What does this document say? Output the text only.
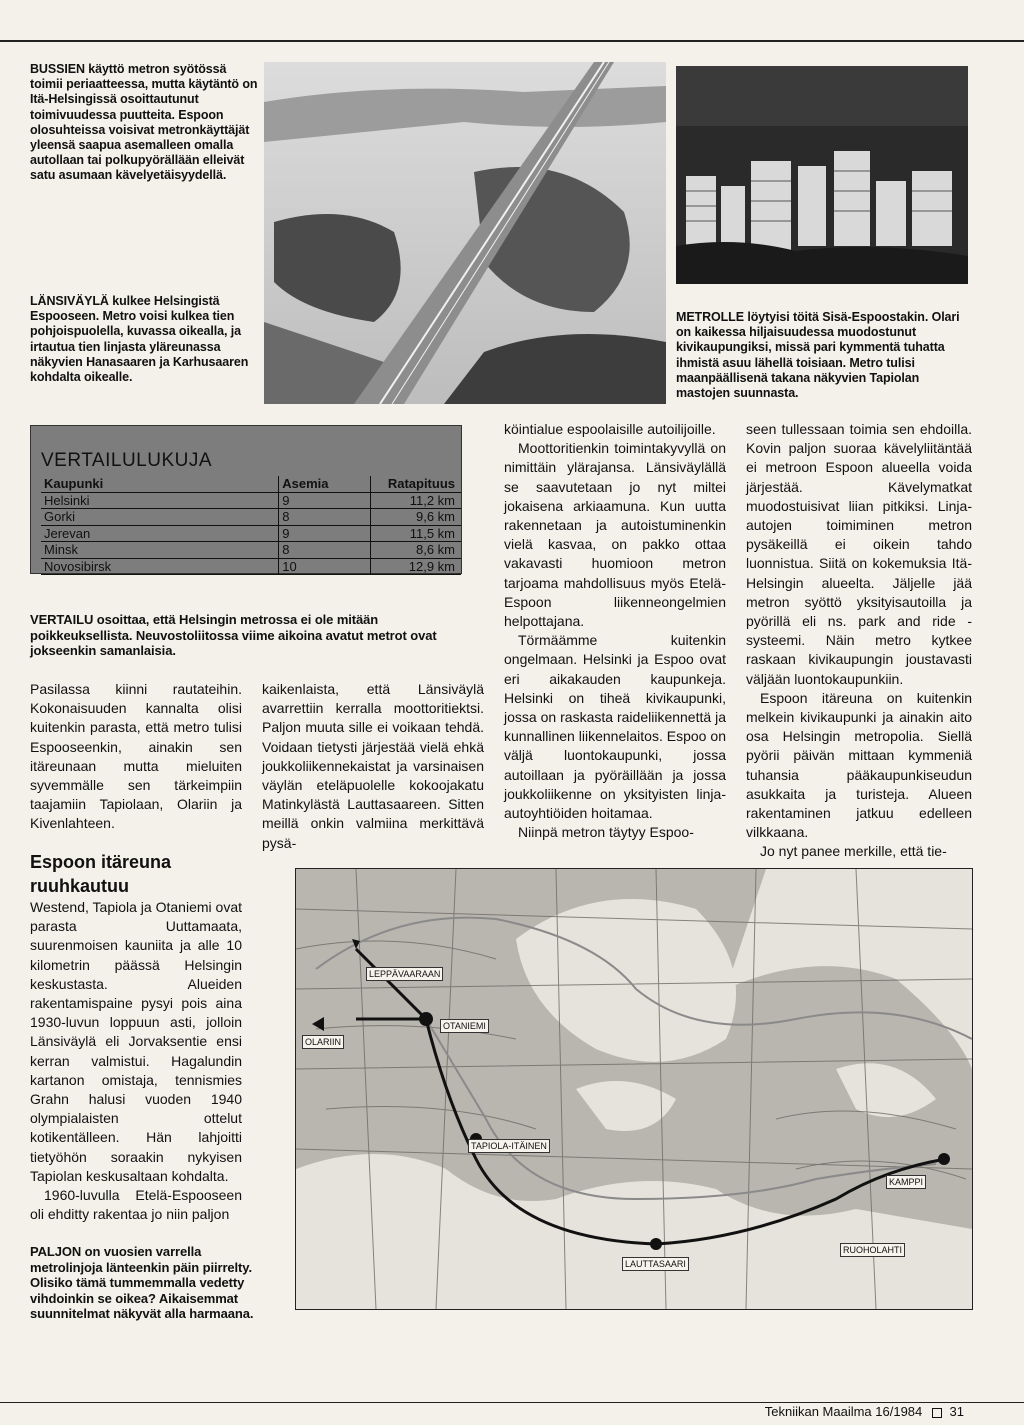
BUSSIEN käyttö metron syötössä toimii periaatteessa, mutta käytäntö on Itä-Helsingissä osoittautunut toimivuudessa puutteita. Espoon olosuhteissa voisivat metronkäyttäjät yleensä saapua asemalleen omalla autollaan tai polkupyörällään elleivät satu asumaan kävelyetäisyydellä.
LÄNSIVÄYLÄ kulkee Helsingistä Espooseen. Metro voisi kulkea tien pohjoispuolella, kuvassa oikealla, ja irtautua tien linjasta yläreunassa näkyvien Hanasaaren ja Karhusaaren kohdalta oikealle.
METROLLE löytyisi töitä Sisä-Espoostakin. Olari on kaikessa hiljaisuudessa muodostunut kivikaupungiksi, missä pari kymmentä tuhatta ihmistä asuu lähellä toisiaan. Metro tulisi maanpäällisenä takana näkyvien Tapiolan mastojen suunnasta.
VERTAILULUKUJA
Kaupunki	Asemia	Ratapituus
Helsinki	9	11,2 km
Gorki	8	9,6 km
Jerevan	9	11,5 km
Minsk	8	8,6 km
Novosibirsk	10	12,9 km
VERTAILU osoittaa, että Helsingin metrossa ei ole mitään poikkeuksellista. Neuvostoliitossa viime aikoina avatut metrot ovat jokseenkin samanlaisia.

Pasilassa kiinni rautateihin. Kokonaisuuden kannalta olisi kuitenkin parasta, että metro tulisi Espooseenkin, ainakin sen itäreunaan mutta mieluiten syvemmälle sen tärkeimpiin taajamiin Tapiolaan, Olariin ja Kivenlahteen.

Espoon itäreuna ruuhkautuu

Westend, Tapiola ja Otaniemi ovat parasta Uuttamaata, suurenmoisen kauniita ja alle 10 kilometrin päässä Helsingin keskustasta. Alueiden rakentamispaine pysyi pois aina 1930-luvun loppuun asti, jolloin Länsiväylä eli Jorvaksentie ensi kerran valmistui. Hagalundin kartanon omistaja, tennismies Grahn halusi vuoden 1940 olympialaisten ottelut kotikentälleen. Hän lahjoitti tietyöhön soraakin nykyisen Tapiolan keskusaltaan kohdalta.

1960-luvulla Etelä-Espooseen oli ehditty rakentaa jo niin paljon

PALJON on vuosien varrella metrolinjoja länteenkin päin piirrelty. Olisiko tämä tummemmalla vedetty vihdoinkin se oikea? Aikaisemmat suunnitelmat näkyvät alla harmaana.

kaikenlaista, että Länsiväylä avarrettiin kerralla moottoritiektsi. Paljon muuta sille ei voikaan tehdä. Voidaan tietysti järjestää vielä ehkä joukkoliikennekaistat ja varsinaisen väylän eteläpuolelle kokoojakatu Matinkylästä Lauttasaareen. Sitten meillä onkin valmiina merkittävä pysä-

köintialue espoolaisille autoilijoille.

Moottoritienkin toimintakyvyllä on nimittäin ylärajansa. Länsiväylällä se saavutetaan jo nyt miltei jokaisena arkiaamuna. Kun uutta rakennetaan ja autoistuminenkin vielä kasvaa, on pakko ottaa vakavasti huomioon metron tarjoama mahdollisuus myös Etelä-Espoon liikenneongelmien helpottajana.

Törmäämme kuitenkin ongelmaan. Helsinki ja Espoo ovat eri aikakauden kaupunkeja. Helsinki on tiheä kivikaupunki, jossa on raskasta raideliikennettä ja kunnallinen liikennelaitos. Espoo on väljä luontokaupunki, jossa autoillaan ja pyöräillään ja jossa joukkoliikenne on yksityisten linja-autoyhtiöiden hoitamaa.

Niinpä metron täytyy Espoo-

seen tullessaan toimia sen ehdoilla. Kovin paljon suoraa kävelyliitäntää ei metroon Espoon alueella voida järjestää. Kävelymatkat muodostuisivat liian pitkiksi. Linja-autojen toimiminen metron pysäkeillä ei oikein tahdo luonnistua. Siitä on kokemuksia Itä-Helsingin alueelta. Jäljelle jää metron syöttö yksityisautoilla ja pyörillä eli ns. park and ride -systeemi. Näin metro kytkee raskaan kivikaupungin joustavasti väljään luontokaupunkiin.

Espoon itäreuna on kuitenkin melkein kivikaupunki ja ainakin aito osa Helsingin metropolia. Siellä pyörii päivän mittaan kymmeniä tuhansia pääkaupunkiseudun asukkaita ja turisteja. Alueen rakentaminen jatkuu edelleen vilkkaana.

Jo nyt panee merkille, että tie-

LEPPÄVAARAAN
OTANIEMI
OLARIIN
TAPIOLA-ITÄINEN
KAMPPI
RUOHOLAHTI
LAUTTASAARI
Tekniikan Maailma 16/1984 31
